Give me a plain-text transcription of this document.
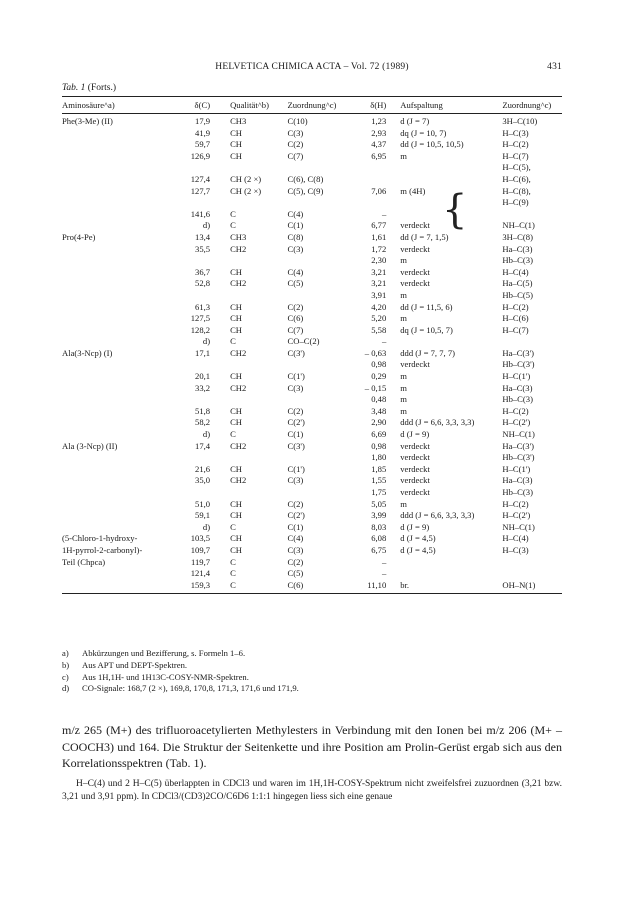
HELVETICA CHIMICA ACTA – Vol. 72 (1989)	431
Tab. 1 (Forts.)
Aminosäure^a)	δ(C)	Qualität^b)	Zuordnung^c)	δ(H)	Aufspaltung	Zuordnung^c)
Phe(3-Me) (II)	17,9	CH3	C(10)	1,23	d (J = 7)	3H–C(10)
	41,9	CH	C(3)	2,93	dq (J = 10, 7)	H–C(3)
	59,7	CH	C(2)	4,37	dd (J = 10,5, 10,5)	H–C(2)
	126,9	CH	C(7)	6,95	m	H–C(7)
						H–C(5),
	127,4	CH (2 ×)	C(6), C(8)			H–C(6),
	127,7	CH (2 ×)	C(5), C(9)	7,06	m (4H)	H–C(8),
						H–C(9)
	141,6	C	C(4)	–		
	d)	C	C(1)	6,77	verdeckt	NH–C(1)
Pro(4-Pe)	13,4	CH3	C(8)	1,61	dd (J = 7, 1,5)	3H–C(8)
	35,5	CH2	C(3)	1,72	verdeckt	Ha–C(3)
				2,30	m	Hb–C(3)
	36,7	CH	C(4)	3,21	verdeckt	H–C(4)
	52,8	CH2	C(5)	3,21	verdeckt	Ha–C(5)
				3,91	m	Hb–C(5)
	61,3	CH	C(2)	4,20	dd (J = 11,5, 6)	H–C(2)
	127,5	CH	C(6)	5,20	m	H–C(6)
	128,2	CH	C(7)	5,58	dq (J = 10,5, 7)	H–C(7)
	d)	C	CO–C(2)	–		
Ala(3-Ncp) (I)	17,1	CH2	C(3')	– 0,63	ddd (J = 7, 7, 7)	Ha–C(3')
				0,98	verdeckt	Hb–C(3')
	20,1	CH	C(1')	0,29	m	H–C(1')
	33,2	CH2	C(3)	– 0,15	m	Ha–C(3)
				0,48	m	Hb–C(3)
	51,8	CH	C(2)	3,48	m	H–C(2)
	58,2	CH	C(2')	2,90	ddd (J = 6,6, 3,3, 3,3)	H–C(2')
	d)	C	C(1)	6,69	d (J = 9)	NH–C(1)
Ala (3-Ncp) (II)	17,4	CH2	C(3')	0,98	verdeckt	Ha–C(3')
				1,80	verdeckt	Hb–C(3')
	21,6	CH	C(1')	1,85	verdeckt	H–C(1')
	35,0	CH2	C(3)	1,55	verdeckt	Ha–C(3)
				1,75	verdeckt	Hb–C(3)
	51,0	CH	C(2)	5,05	m	H–C(2)
	59,1	CH	C(2')	3,99	ddd (J = 6,6, 3,3, 3,3)	H–C(2')
	d)	C	C(1)	8,03	d (J = 9)	NH–C(1)
(5-Chloro-1-hydroxy-	103,5	CH	C(4)	6,08	d (J = 4,5)	H–C(4)
1H-pyrrol-2-carbonyl)-	109,7	CH	C(3)	6,75	d (J = 4,5)	H–C(3)
Teil (Chpca)	119,7	C	C(2)	–		
	121,4	C	C(5)	–		
	159,3	C	C(6)	11,10	br.	OH–N(1)
{
a)	Abkürzungen und Bezifferung, s. Formeln 1–6.
b)	Aus APT und DEPT-Spektren.
c)	Aus 1H,1H- und 1H13C-COSY-NMR-Spektren.
d)	CO-Signale: 168,7 (2 ×), 169,8, 170,8, 171,3, 171,6 und 171,9.

m/z 265 (M+) des trifluoroacetylierten Methylesters in Verbindung mit den Ionen bei m/z 206 (M+ – COOCH3) und 164. Die Struktur der Seitenkette und ihre Position am Prolin-Gerüst ergab sich aus den Korrelationsspektren (Tab. 1).

H–C(4) und 2 H–C(5) überlappten in CDCl3 und waren im 1H,1H-COSY-Spektrum nicht zweifelsfrei zuzuordnen (3,21 bzw. 3,21 und 3,91 ppm). In CDCl3/(CD3)2CO/C6D6 1:1:1 hingegen liess sich eine genaue
